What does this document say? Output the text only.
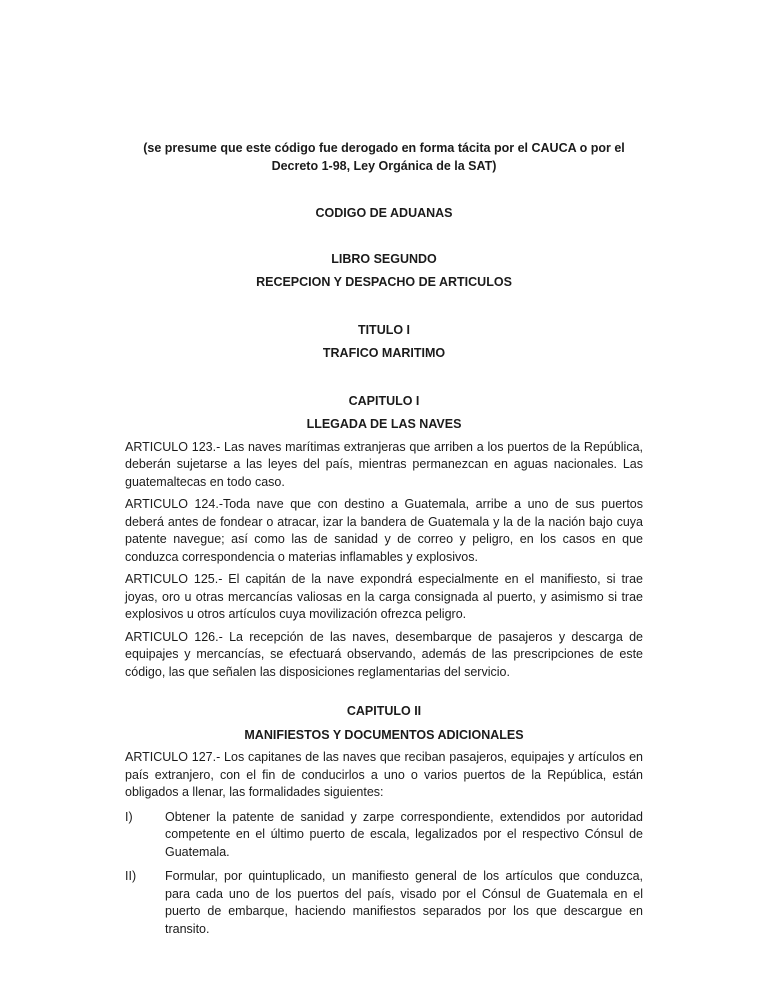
(se presume que este código fue derogado en forma tácita por el CAUCA o por el Decreto 1-98, Ley Orgánica de la SAT)

CODIGO DE ADUANAS

LIBRO SEGUNDO

RECEPCION Y DESPACHO DE ARTICULOS

TITULO I

TRAFICO MARITIMO

CAPITULO I

LLEGADA DE LAS NAVES

ARTICULO 123.- Las naves marítimas extranjeras que arriben a los puertos de la República, deberán sujetarse a las leyes del país, mientras permanezcan en aguas nacionales. Las guatemaltecas en todo caso.

ARTICULO 124.-Toda nave que con destino a Guatemala, arribe a uno de sus puertos deberá antes de fondear o atracar, izar la bandera de Guatemala y la de la nación bajo cuya patente navegue; así como las de sanidad y de correo y peligro, en los casos en que conduzca correspondencia o materias inflamables y explosivos.

ARTICULO 125.- El capitán de la nave expondrá especialmente en el manifiesto, si trae joyas, oro u otras mercancías valiosas en la carga consignada al puerto, y asimismo si trae explosivos u otros artículos cuya movilización ofrezca peligro.

ARTICULO 126.- La recepción de las naves, desembarque de pasajeros y descarga de equipajes y mercancías, se efectuará observando, además de las prescripciones de este código, las que señalen las disposiciones reglamentarias del servicio.

CAPITULO II

MANIFIESTOS Y DOCUMENTOS ADICIONALES

ARTICULO 127.- Los capitanes de las naves que reciban pasajeros, equipajes y artículos en país extranjero, con el fin de conducirlos a uno o varios puertos de la República, están obligados a llenar, las formalidades siguientes:

I)	Obtener la patente de sanidad y zarpe correspondiente, extendidos por autoridad competente en el último puerto de escala, legalizados por el respectivo Cónsul de Guatemala.
II) Formular, por quintuplicado, un manifiesto general de los artículos que conduzca, para cada uno de los puertos del país, visado por el Cónsul de Guatemala en el puerto de embarque, haciendo manifiestos separados por los que descargue en transito.
